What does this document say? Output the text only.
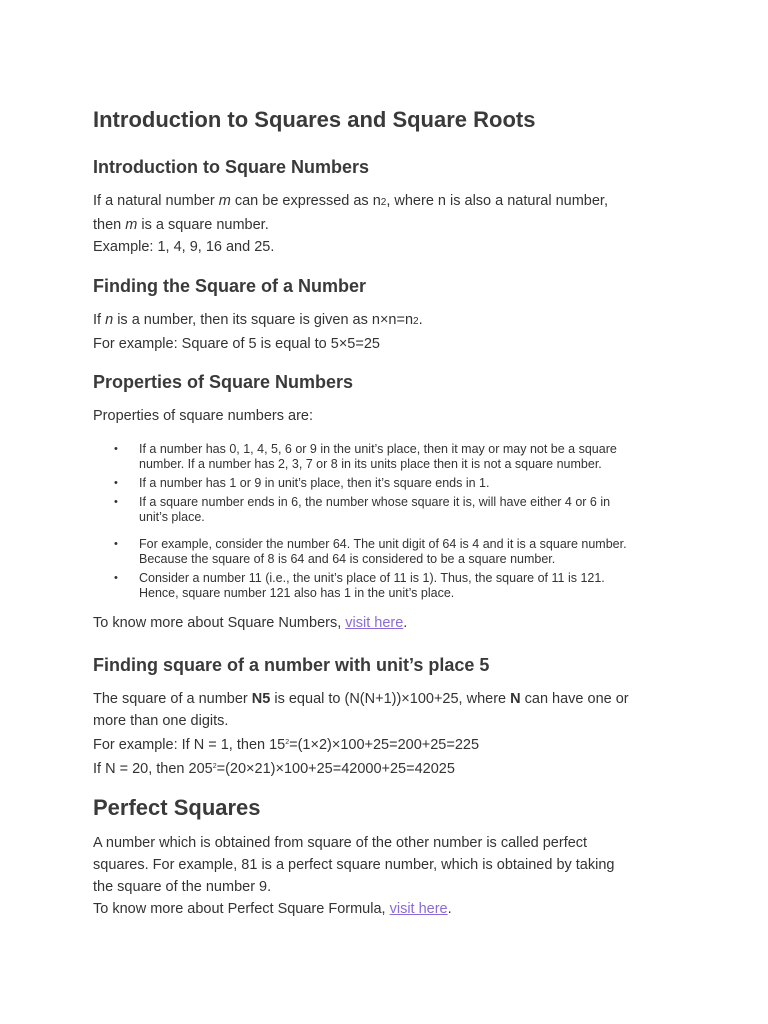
Introduction to Squares and Square Roots
Introduction to Square Numbers

If a natural number m can be expressed as n2, where n is also a natural number,
then m is a square number.
Example: 1, 4, 9, 16 and 25.

Finding the Square of a Number

If n is a number, then its square is given as n×n=n2.
For example: Square of 5 is equal to 5×5=25

Properties of Square Numbers

Properties of square numbers are:

• If a number has 0, 1, 4, 5, 6 or 9 in the unit’s place, then it may or may not be a square
number. If a number has 2, 3, 7 or 8 in its units place then it is not a square number.
• If a number has 1 or 9 in unit’s place, then it’s square ends in 1.
• If a square number ends in 6, the number whose square it is, will have either 4 or 6 in
unit’s place.
• For example, consider the number 64. The unit digit of 64 is 4 and it is a square number.
Because the square of 8 is 64 and 64 is considered to be a square number.
• Consider a number 11 (i.e., the unit’s place of 11 is 1). Thus, the square of 11 is 121.
Hence, square number 121 also has 1 in the unit’s place.

To know more about Square Numbers, visit here.

Finding square of a number with unit’s place 5

The square of a number N5 is equal to (N(N+1))×100+25, where N can have one or
more than one digits.
For example: If N = 1, then $15^2=(1\times 2)\times 100+25=200+25=225$
If N = 20, then $205^2=(20\times 21)\times 100+25=42000+25=42025$

Perfect Squares

A number which is obtained from square of the other number is called perfect
squares. For example, 81 is a perfect square number, which is obtained by taking
the square of the number 9.
To know more about Perfect Square Formula, visit here.
